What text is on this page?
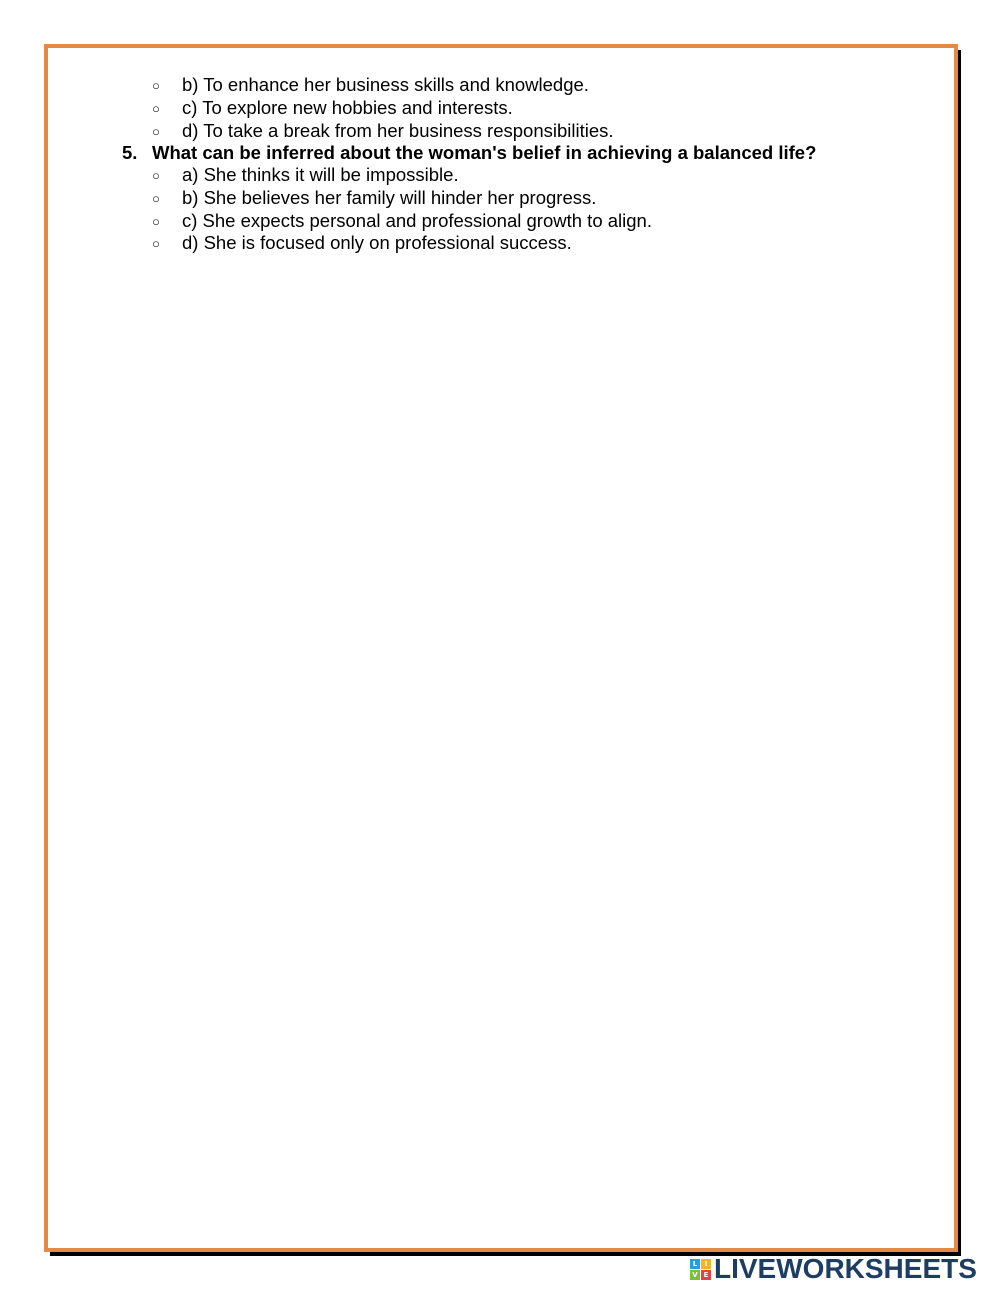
○ b) To enhance her business skills and knowledge.
○ c) To explore new hobbies and interests.
○ d) To take a break from her business responsibilities.
5. What can be inferred about the woman's belief in achieving a balanced life?
○ a) She thinks it will be impossible.
○ b) She believes her family will hinder her progress.
○ c) She expects personal and professional growth to align.
○ d) She is focused only on professional success.
L	I
V E LIVEWORKSHEETS
